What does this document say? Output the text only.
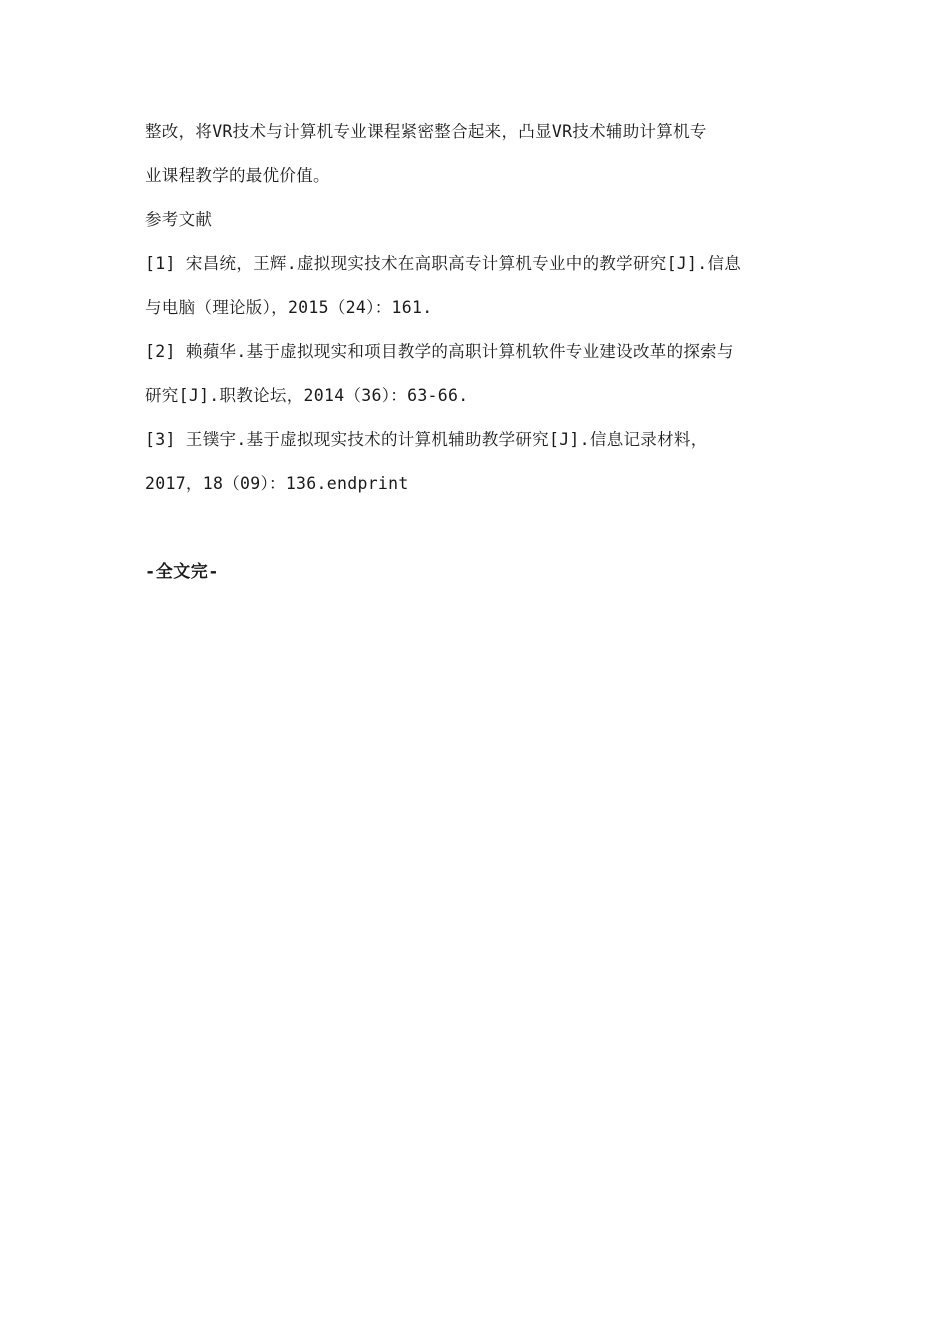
整改，将VR技术与计算机专业课程紧密整合起来，凸显VR技术辅助计算机专
业课程教学的最优价值。
参考文献
[1] 宋昌统，王辉.虚拟现实技术在高职高专计算机专业中的教学研究[J].信息
与电脑（理论版），2015（24）：161.
[2] 赖蘋华.基于虚拟现实和项目教学的高职计算机软件专业建设改革的探索与
研究[J].职教论坛，2014（36）：63-66.
[3] 王镤宇.基于虚拟现实技术的计算机辅助教学研究[J].信息记录材料，
2017，18（09）：136.endprint
-全文完-
